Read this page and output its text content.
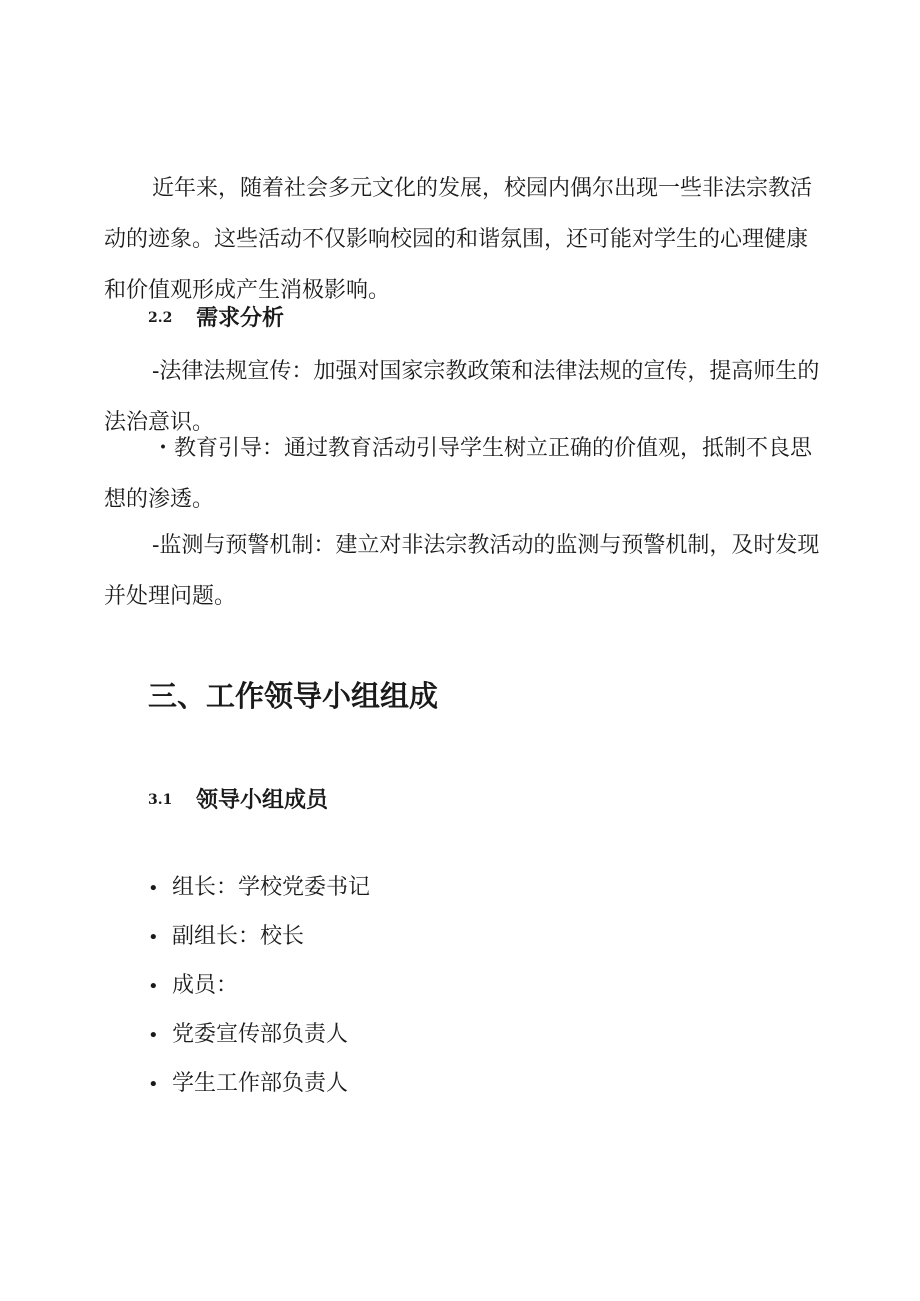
近年来，随着社会多元文化的发展，校园内偶尔出现一些非法宗教活动的迹象。这些活动不仅影响校园的和谐氛围，还可能对学生的心理健康和价值观形成产生消极影响。

2.2 需求分析

-法律法规宣传：加强对国家宗教政策和法律法规的宣传，提高师生的法治意识。

・教育引导：通过教育活动引导学生树立正确的价值观，抵制不良思想的渗透。

-监测与预警机制：建立对非法宗教活动的监测与预警机制，及时发现并处理问题。

三、工作领导小组组成
3.1 领导小组成员
• 组长：学校党委书记
• 副组长：校长
• 成员：
• 党委宣传部负责人
• 学生工作部负责人
